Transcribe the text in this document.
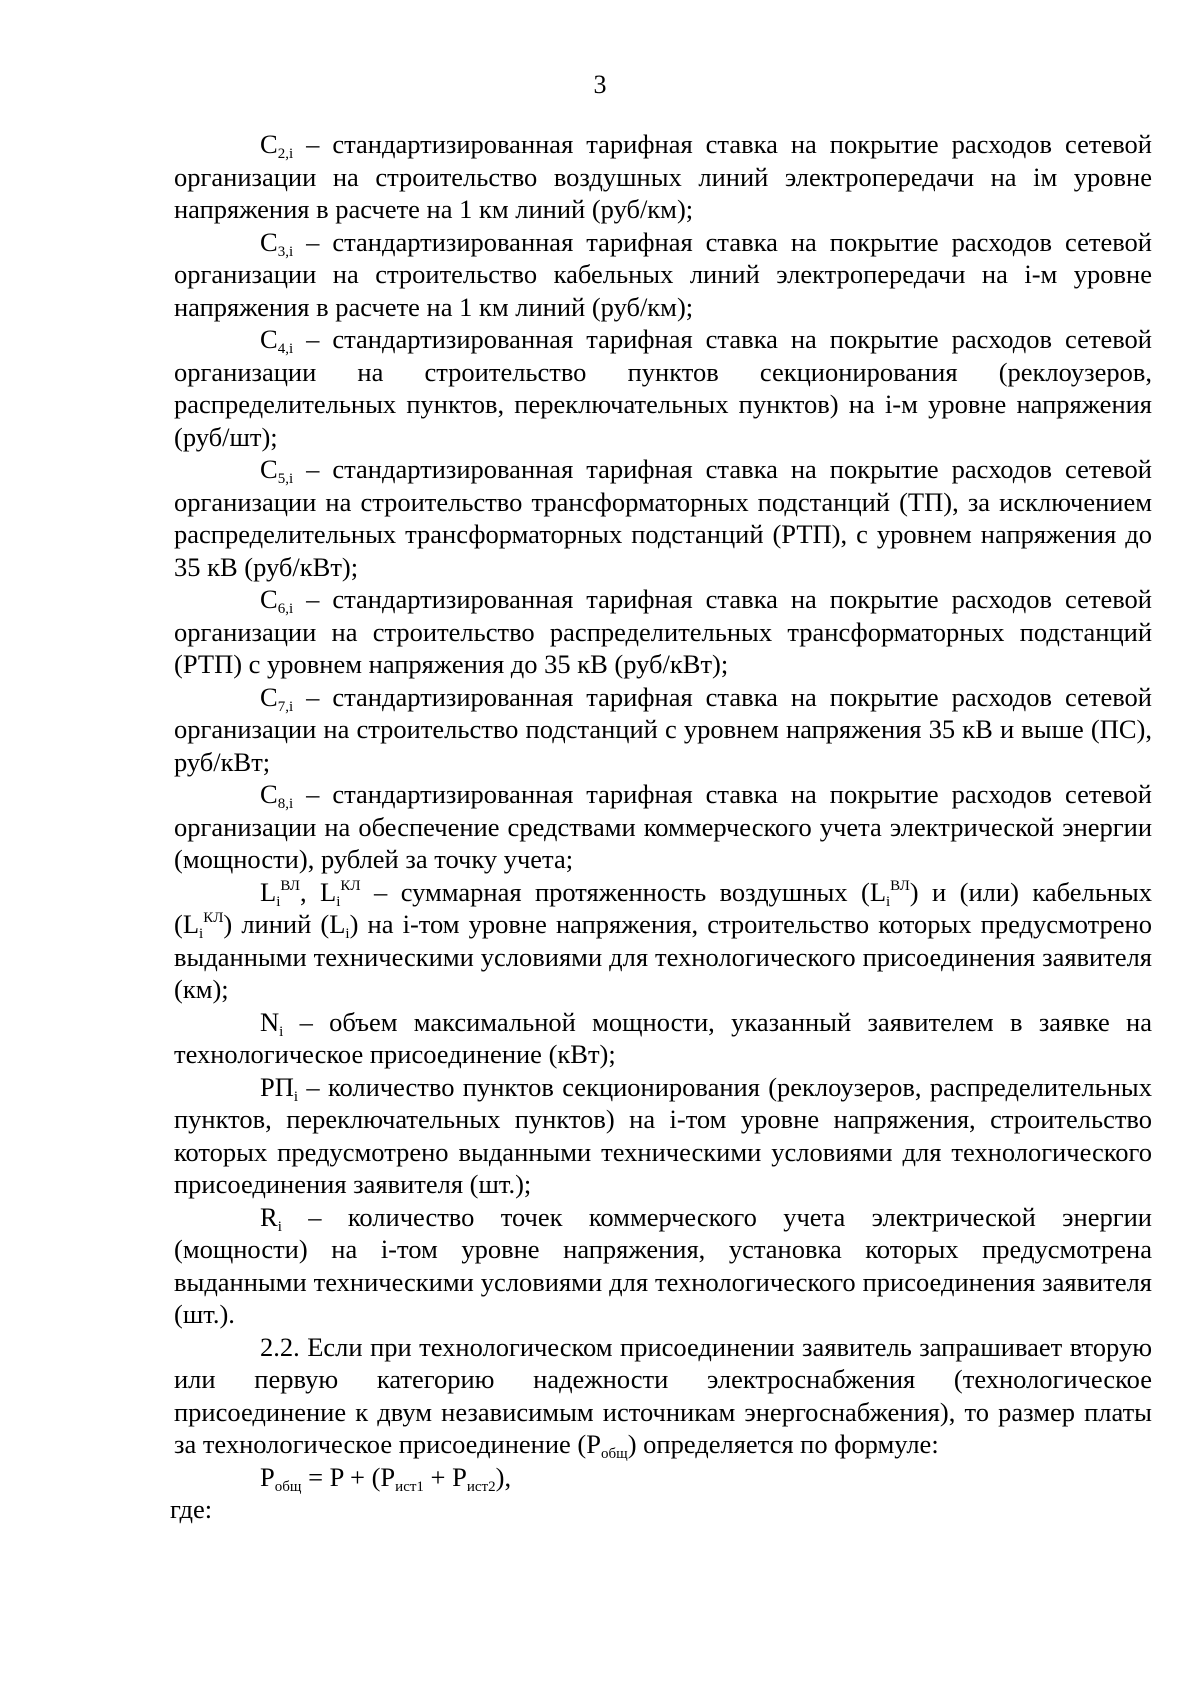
3

$C_{2,i}$ – стандартизированная тарифная ставка на покрытие расходов сетевой организации на строительство воздушных линий электропередачи на iм уровне напряжения в расчете на 1 км линий (руб/км);

$C_{3,i}$ – стандартизированная тарифная ставка на покрытие расходов сетевой организации на строительство кабельных линий электропередачи на i-м уровне напряжения в расчете на 1 км линий (руб/км);

$C_{4,i}$ – стандартизированная тарифная ставка на покрытие расходов сетевой организации на строительство пунктов секционирования (реклоузеров, распределительных пунктов, переключательных пунктов) на i-м уровне напряжения (руб/шт);

$C_{5,i}$ – стандартизированная тарифная ставка на покрытие расходов сетевой организации на строительство трансформаторных подстанций (ТП), за исключением распределительных трансформаторных подстанций (РТП), с уровнем напряжения до 35 кВ (руб/кВт);

$C_{6,i}$ – стандартизированная тарифная ставка на покрытие расходов сетевой организации на строительство распределительных трансформаторных подстанций (РТП) с уровнем напряжения до 35 кВ (руб/кВт);

$C_{7,i}$ – стандартизированная тарифная ставка на покрытие расходов сетевой организации на строительство подстанций с уровнем напряжения 35 кВ и выше (ПС), руб/кВт;

$C_{8,i}$ – стандартизированная тарифная ставка на покрытие расходов сетевой организации на обеспечение средствами коммерческого учета электрической энергии (мощности), рублей за точку учета;

$L_i^{ВЛ}$, $L_i^{КЛ}$ – суммарная протяженность воздушных $(L_i^{ВЛ})$ и (или) кабельных $(L_i^{КЛ})$ линий $(L_i)$ на i-том уровне напряжения, строительство которых предусмотрено выданными техническими условиями для технологического присоединения заявителя (км);

$N_i$ – объем максимальной мощности, указанный заявителем в заявке на технологическое присоединение (кВт);

$РП_i$ – количество пунктов секционирования (реклоузеров, распределительных пунктов, переключательных пунктов) на i-том уровне напряжения, строительство которых предусмотрено выданными техническими условиями для технологического присоединения заявителя (шт.);

$R_i$ – количество точек коммерческого учета электрической энергии (мощности) на i-том уровне напряжения, установка которых предусмотрена выданными техническими условиями для технологического присоединения заявителя (шт.).

2.2. Если при технологическом присоединении заявитель запрашивает вторую или первую категорию надежности электроснабжения (технологическое присоединение к двум независимым источникам энергоснабжения), то размер платы за технологическое присоединение $(P_{общ})$ определяется по формуле:

$P_{общ} = P + (P_{ист1} + P_{ист2})$,

где:
